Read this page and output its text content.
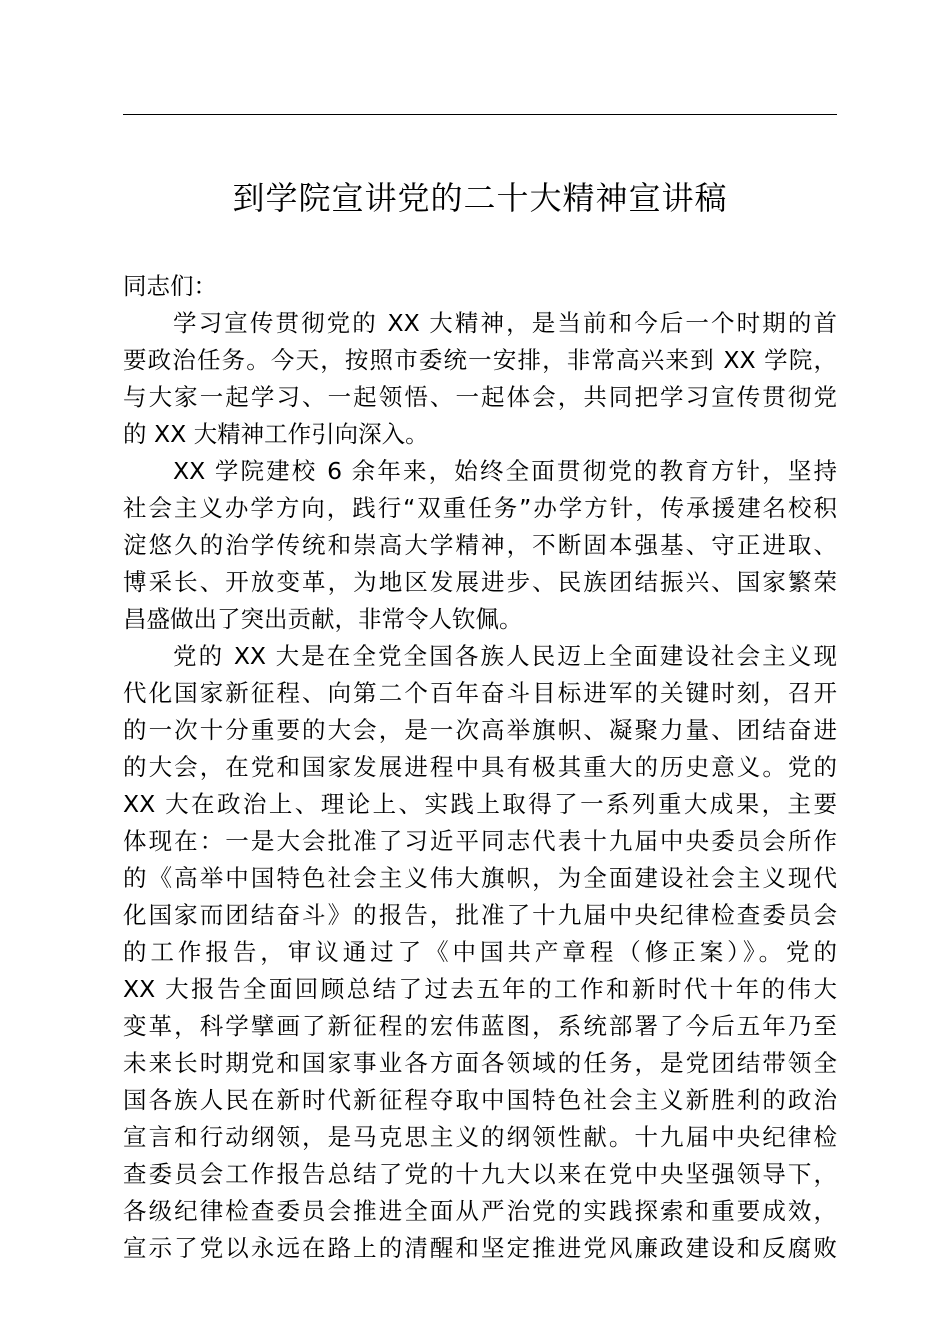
到学院宣讲党的二十大精神宣讲稿
同志们：
学习宣传贯彻党的 XX 大精神，是当前和今后一个时期的首
要政治任务。今天，按照市委统一安排，非常高兴来到 XX 学院，
与大家一起学习、一起领悟、一起体会，共同把学习宣传贯彻党
的 XX 大精神工作引向深入。
XX 学院建校 6 余年来，始终全面贯彻党的教育方针，坚持
社会主义办学方向，践行“双重任务”办学方针，传承援建名校积
淀悠久的治学传统和崇高大学精神，不断固本强基、守正进取、
博采长、开放变革，为地区发展进步、民族团结振兴、国家繁荣
昌盛做出了突出贡献，非常令人钦佩。
党的 XX 大是在全党全国各族人民迈上全面建设社会主义现
代化国家新征程、向第二个百年奋斗目标进军的关键时刻，召开
的一次十分重要的大会，是一次高举旗帜、凝聚力量、团结奋进
的大会，在党和国家发展进程中具有极其重大的历史意义。党的
XX 大在政治上、理论上、实践上取得了一系列重大成果，主要
体现在：一是大会批准了习近平同志代表十九届中央委员会所作
的《高举中国特色社会主义伟大旗帜，为全面建设社会主义现代
化国家而团结奋斗》的报告，批准了十九届中央纪律检查委员会
的工作报告，审议通过了《中国共产章程（修正案）》。党的
XX 大报告全面回顾总结了过去五年的工作和新时代十年的伟大
变革，科学擘画了新征程的宏伟蓝图，系统部署了今后五年乃至
未来长时期党和国家事业各方面各领域的任务，是党团结带领全
国各族人民在新时代新征程夺取中国特色社会主义新胜利的政治
宣言和行动纲领，是马克思主义的纲领性献。十九届中央纪律检
查委员会工作报告总结了党的十九大以来在党中央坚强领导下，
各级纪律检查委员会推进全面从严治党的实践探索和重要成效，
宣示了党以永远在路上的清醒和坚定推进党风廉政建设和反腐败
